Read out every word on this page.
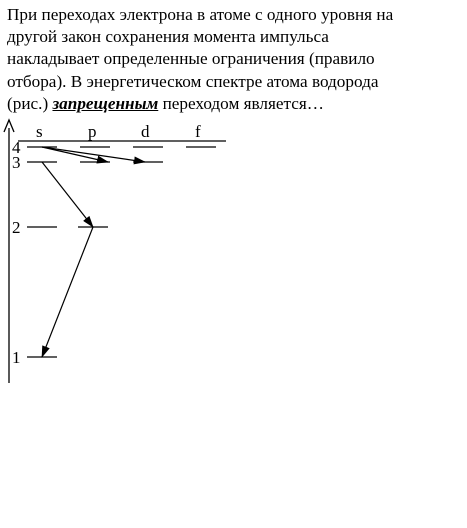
При переходах электрона в атоме с одного уровня на

другой закон сохранения момента импульса

накладывает определенные ограничения (правило

отбора). В энергетическом спектре атома водорода

(рис.) запрещенным переходом является…

s	p	d	f
4
3
2
1
